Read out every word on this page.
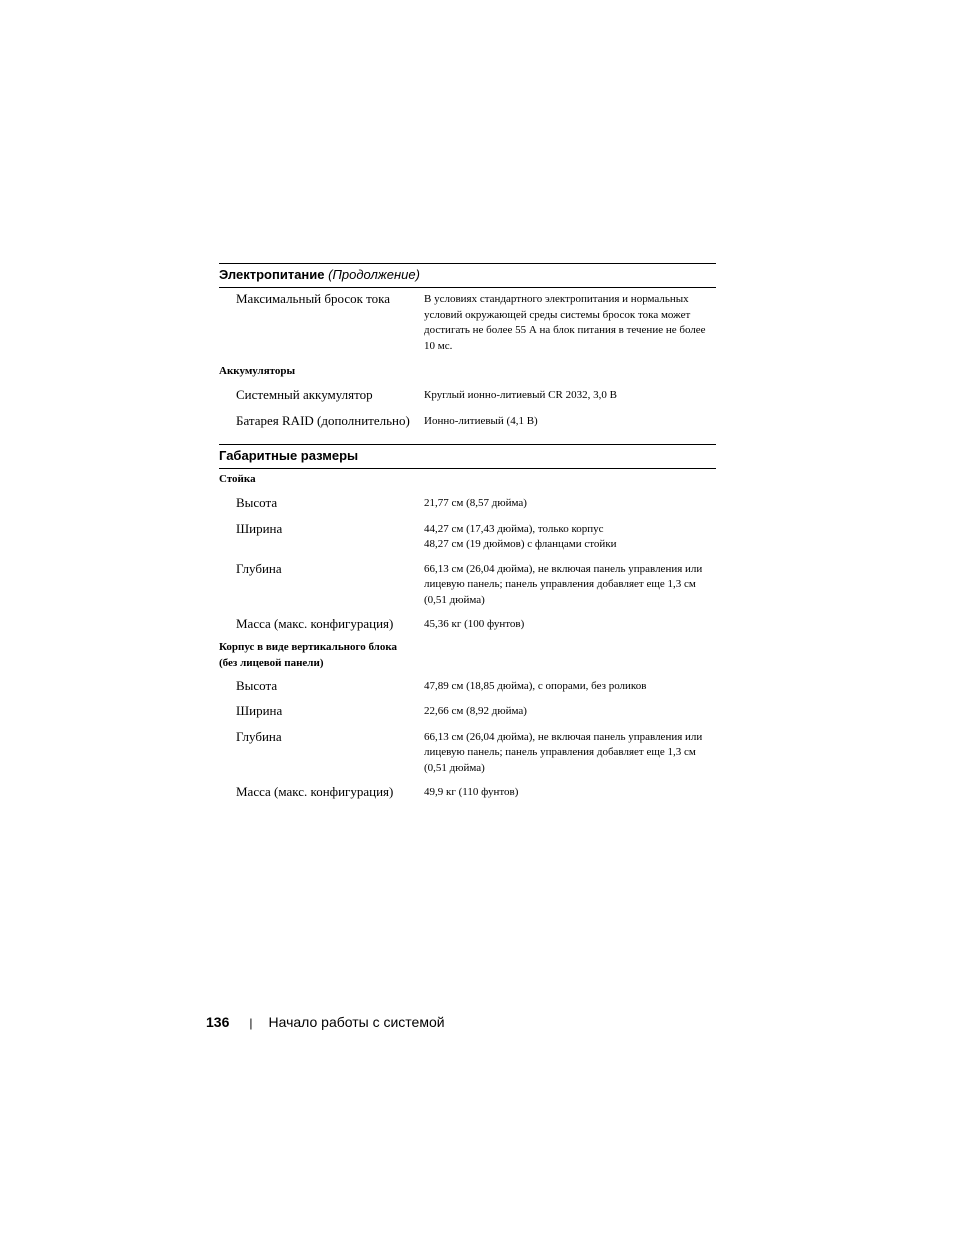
Электропитание (Продолжение)
Максимальный бросок тока	В условиях стандартного электропитания и нормальных условий окружающей среды системы бросок тока может достигать не более 55 А на блок питания в течение не более 10 мс.
Аккумуляторы
Системный аккумулятор	Круглый ионно-литиевый CR 2032, 3,0 В
Батарея RAID (дополнительно)	Ионно-литиевый (4,1 В)
Габаритные размеры
Стойка
Высота	21,77 см (8,57 дюйма)
Ширина	44,27 см (17,43 дюйма), только корпус
48,27 см (19 дюймов) с фланцами стойки
Глубина	66,13 см (26,04 дюйма), не включая панель управления или лицевую панель; панель управления добавляет еще 1,3 см (0,51 дюйма)
Масса (макс. конфигурация)	45,36 кг (100 фунтов)
Корпус в виде вертикального блока
(без лицевой панели)
Высота	47,89 см (18,85 дюйма), с опорами, без роликов
Ширина	22,66 см (8,92 дюйма)
Глубина	66,13 см (26,04 дюйма), не включая панель управления или лицевую панель; панель управления добавляет еще 1,3 см (0,51 дюйма)
Масса (макс. конфигурация)	49,9 кг (110 фунтов)
136 | Начало работы с системой
